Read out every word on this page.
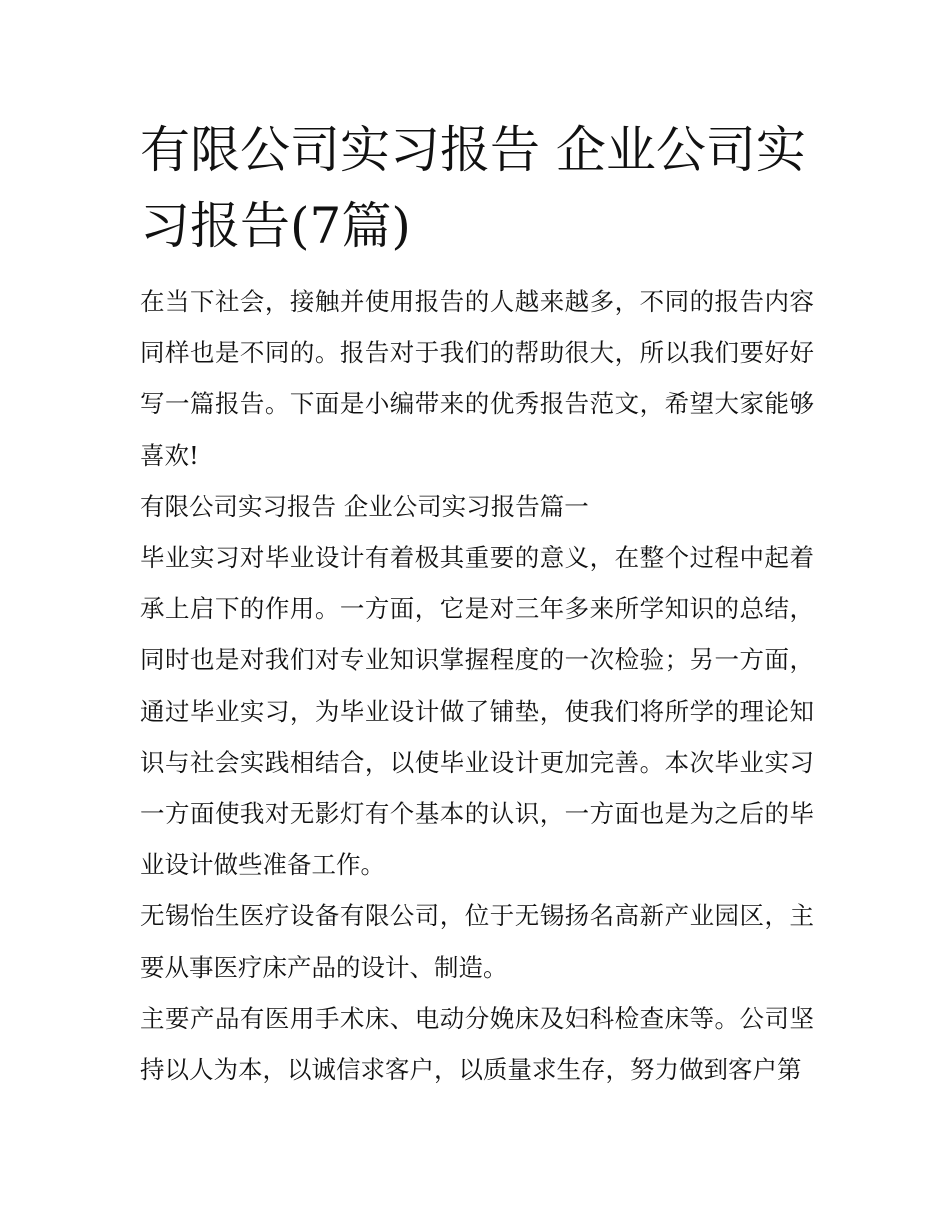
有限公司实习报告 企业公司实习报告(7篇)

在当下社会，接触并使用报告的人越来越多，不同的报告内容同样也是不同的。报告对于我们的帮助很大，所以我们要好好写一篇报告。下面是小编带来的优秀报告范文，希望大家能够喜欢!

有限公司实习报告 企业公司实习报告篇一

毕业实习对毕业设计有着极其重要的意义，在整个过程中起着承上启下的作用。一方面，它是对三年多来所学知识的总结，同时也是对我们对专业知识掌握程度的一次检验；另一方面，通过毕业实习，为毕业设计做了铺垫，使我们将所学的理论知识与社会实践相结合，以使毕业设计更加完善。本次毕业实习一方面使我对无影灯有个基本的认识，一方面也是为之后的毕业设计做些准备工作。

无锡怡生医疗设备有限公司，位于无锡扬名高新产业园区，主要从事医疗床产品的设计、制造。

主要产品有医用手术床、电动分娩床及妇科检查床等。公司坚持以人为本，以诚信求客户，以质量求生存，努力做到客户第
